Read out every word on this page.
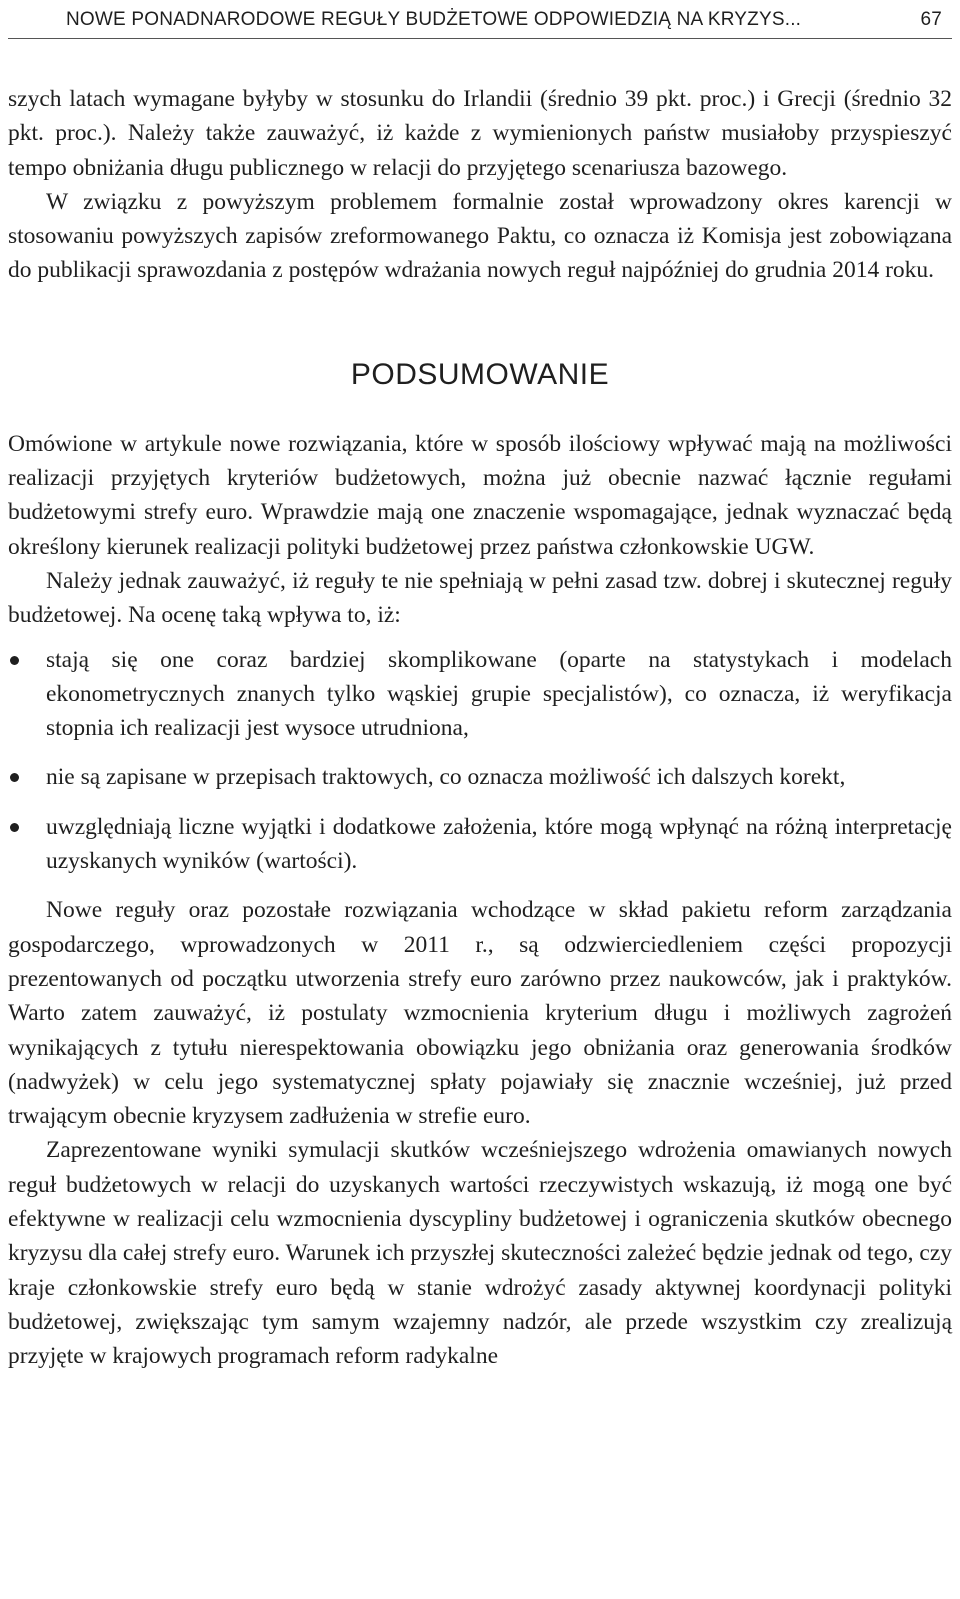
NOWE PONADNARODOWE REGUŁY BUDŻETOWE ODPOWIEDZIĄ NA KRYZYS...	67

szych latach wymagane byłyby w stosunku do Irlandii (średnio 39 pkt. proc.) i Grecji (średnio 32 pkt. proc.). Należy także zauważyć, iż każde z wymienionych państw musiałoby przyspieszyć tempo obniżania długu publicznego w relacji do przyjętego scenariusza bazowego.

W związku z powyższym problemem formalnie został wprowadzony okres karencji w stosowaniu powyższych zapisów zreformowanego Paktu, co oznacza iż Komisja jest zobowiązana do publikacji sprawozdania z postępów wdrażania nowych reguł najpóźniej do grudnia 2014 roku.

PODSUMOWANIE

Omówione w artykule nowe rozwiązania, które w sposób ilościowy wpływać mają na możliwości realizacji przyjętych kryteriów budżetowych, można już obecnie nazwać łącznie regułami budżetowymi strefy euro. Wprawdzie mają one znaczenie wspomagające, jednak wyznaczać będą określony kierunek realizacji polityki budżetowej przez państwa członkowskie UGW.

Należy jednak zauważyć, iż reguły te nie spełniają w pełni zasad tzw. dobrej i skutecznej reguły budżetowej. Na ocenę taką wpływa to, iż:

stają się one coraz bardziej skomplikowane (oparte na statystykach i modelach ekonometrycznych znanych tylko wąskiej grupie specjalistów), co oznacza, iż weryfikacja stopnia ich realizacji jest wysoce utrudniona,
nie są zapisane w przepisach traktowych, co oznacza możliwość ich dalszych korekt,
uwzględniają liczne wyjątki i dodatkowe założenia, które mogą wpłynąć na różną interpretację uzyskanych wyników (wartości).

Nowe reguły oraz pozostałe rozwiązania wchodzące w skład pakietu reform zarządzania gospodarczego, wprowadzonych w 2011 r., są odzwierciedleniem części propozycji prezentowanych od początku utworzenia strefy euro zarówno przez naukowców, jak i praktyków. Warto zatem zauważyć, iż postulaty wzmocnienia kryterium długu i możliwych zagrożeń wynikających z tytułu nierespektowania obowiązku jego obniżania oraz generowania środków (nadwyżek) w celu jego systematycznej spłaty pojawiały się znacznie wcześniej, już przed trwającym obecnie kryzysem zadłużenia w strefie euro.

Zaprezentowane wyniki symulacji skutków wcześniejszego wdrożenia omawianych nowych reguł budżetowych w relacji do uzyskanych wartości rzeczywistych wskazują, iż mogą one być efektywne w realizacji celu wzmocnienia dyscypliny budżetowej i ograniczenia skutków obecnego kryzysu dla całej strefy euro. Warunek ich przyszłej skuteczności zależeć będzie jednak od tego, czy kraje członkowskie strefy euro będą w stanie wdrożyć zasady aktywnej koordynacji polityki budżetowej, zwiększając tym samym wzajemny nadzór, ale przede wszystkim czy zrealizują przyjęte w krajowych programach reform radykalne
